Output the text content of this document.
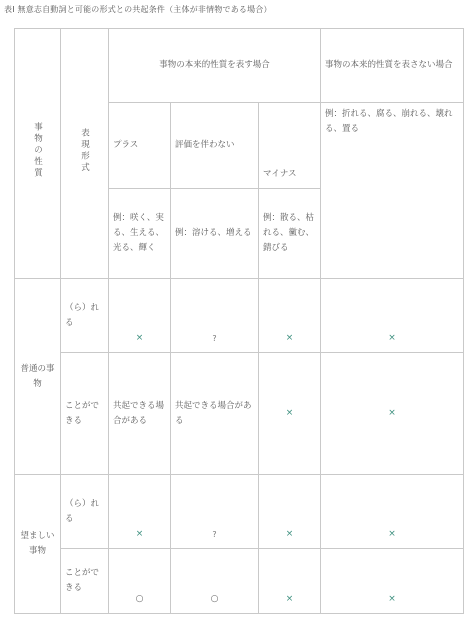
表Ⅰ 無意志自動詞と可能の形式との共起条件（主体が非情物である場合）
事物の性質	表現形式	事物の本来的性質を表す場合			事物の本来的性質を表さない場合
		プラス	評価を伴わない	マイナス	例：折れる、腐る、崩れる、壊れる、置る
		例：咲く、実る、生える、光る、輝く	例：溶ける、増える	例：散る、枯れる、黴む、錆びる	
普通の事物	（ら）れる	×	?	×	×
	ことができる	共起できる場合がある	共起できる場合がある	×	×
望ましい事物	（ら）れる	×	?	×	×
	ことができる	○	○	×	×
